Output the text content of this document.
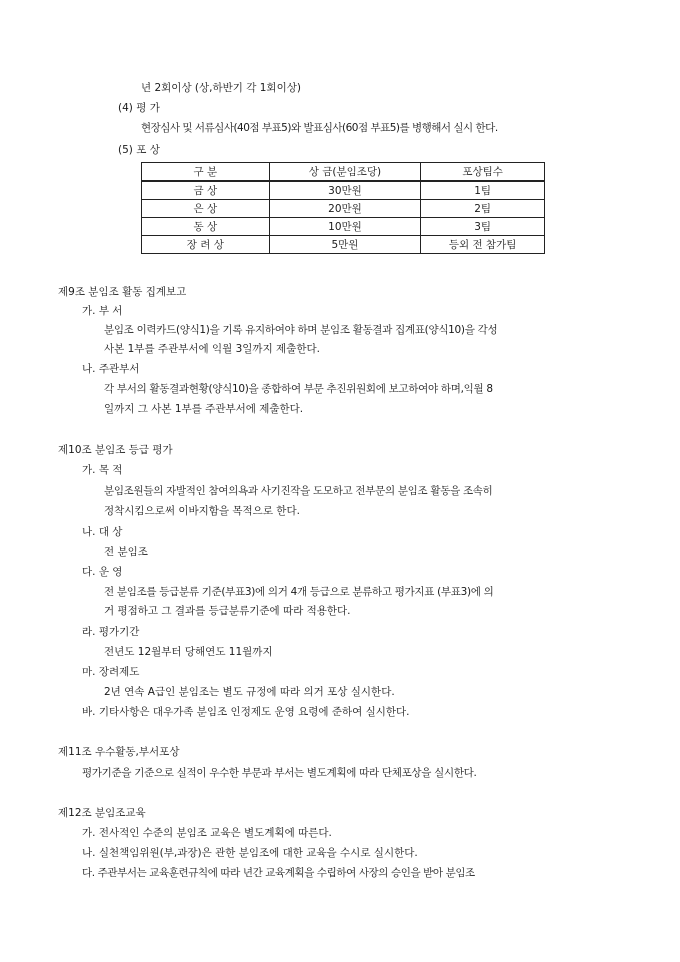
년 2회이상 (상,하반기 각 1회이상)
(4) 평 가
현장심사 및 서류심사(40점 부표5)와 발표심사(60점 부표5)를 병행해서 실시 한다.
(5) 포 상
구 분	상 금(분임조당)	포상팀수
금 상	30만원	1팀
은 상	20만원	2팀
동 상	10만원	3팀
장 려 상	5만원	등외 전 참가팀
제9조 분임조 활동 집계보고
가. 부 서
분임조 이력카드(양식1)을 기록 유지하여야 하며 분임조 활동결과 집계표(양식10)을 각성
사본 1부를 주관부서에 익월 3일까지 제출한다.
나. 주관부서
각 부서의 활동결과현황(양식10)을 종합하여 부문 추진위원회에 보고하여야 하며,익월 8
일까지 그 사본 1부를 주관부서에 제출한다.
제10조 분임조 등급 평가
가. 목 적
분임조원들의 자발적인 참여의욕과 사기진작을 도모하고 전부문의 분임조 활동을 조속히
정착시킴으로써 이바지함을 목적으로 한다.
나. 대 상
전 분임조
다. 운 영
전 분임조를 등급분류 기준(부표3)에 의거 4개 등급으로 분류하고 평가지표 (부표3)에 의
거 평점하고 그 결과를 등급분류기준에 따라 적용한다.
라. 평가기간
전년도 12월부터 당해연도 11월까지
마. 장려제도
2년 연속 A급인 분임조는 별도 규정에 따라 의거 포상 실시한다.
바. 기타사항은 대우가족 분임조 인정제도 운영 요령에 준하여 실시한다.
제11조 우수활동,부서포상
평가기준을 기준으로 실적이 우수한 부문과 부서는 별도계획에 따라 단체포상을 실시한다.
제12조 분임조교육
가. 전사적인 수준의 분임조 교육은 별도계획에 따른다.
나. 실천책임위원(부,과장)은 관한 분임조에 대한 교육을 수시로 실시한다.
다. 주관부서는 교육훈련규칙에 따라 년간 교육계획을 수립하여 사장의 승인을 받아 분임조
